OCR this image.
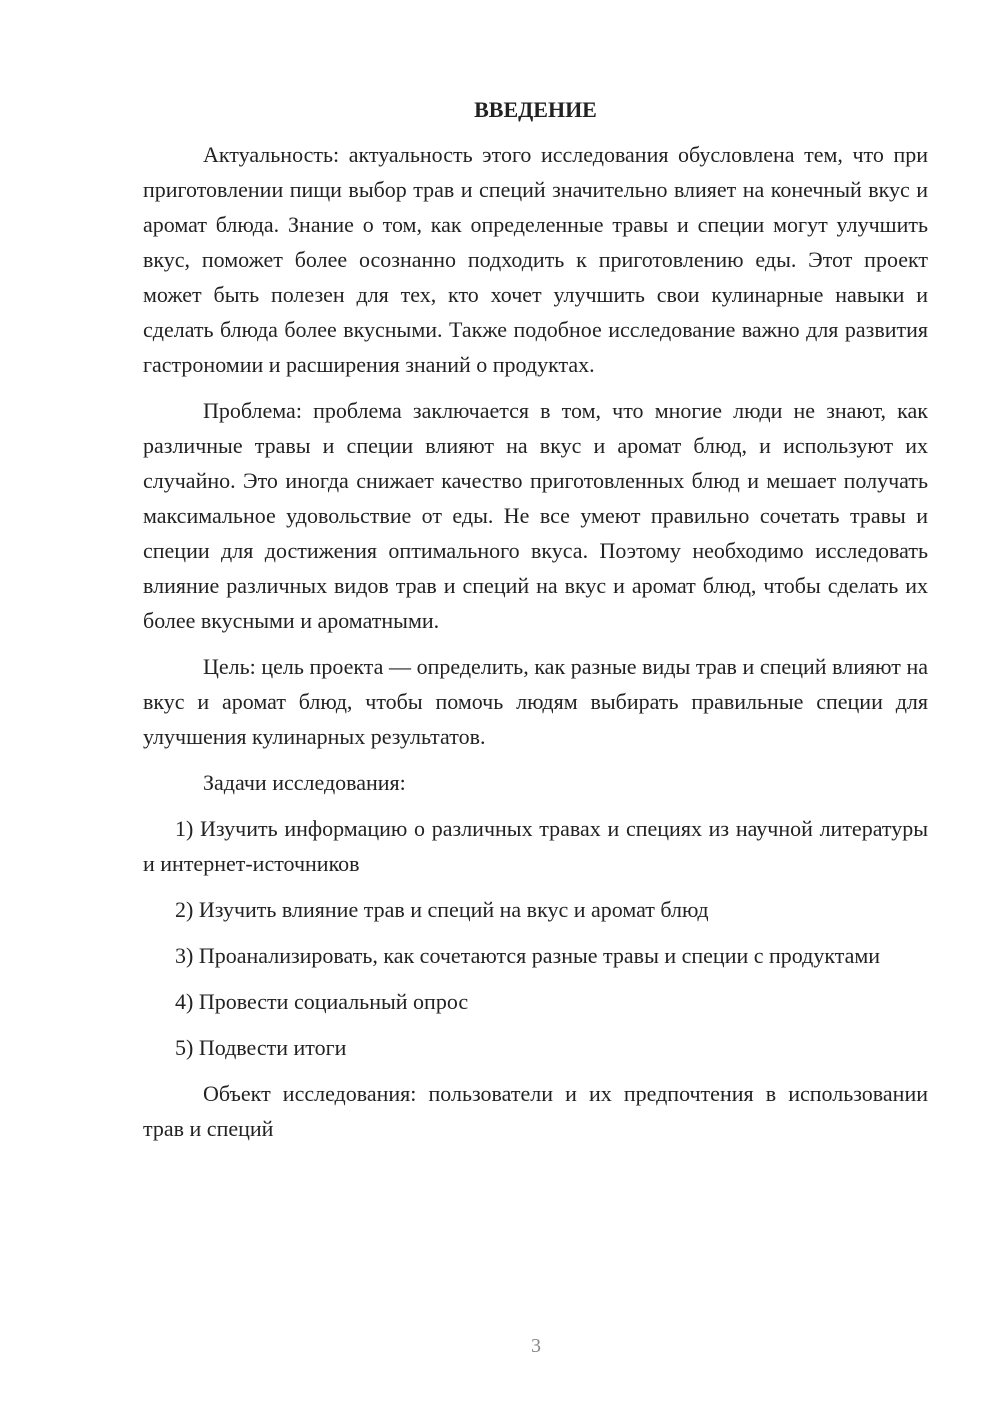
ВВЕДЕНИЕ

Актуальность: актуальность этого исследования обусловлена тем, что при приготовлении пищи выбор трав и специй значительно влияет на конечный вкус и аромат блюда. Знание о том, как определенные травы и специи могут улучшить вкус, поможет более осознанно подходить к приготовлению еды. Этот проект может быть полезен для тех, кто хочет улучшить свои кулинарные навыки и сделать блюда более вкусными. Также подобное исследование важно для развития гастрономии и расширения знаний о продуктах.

Проблема: проблема заключается в том, что многие люди не знают, как различные травы и специи влияют на вкус и аромат блюд, и используют их случайно. Это иногда снижает качество приготовленных блюд и мешает получать максимальное удовольствие от еды. Не все умеют правильно сочетать травы и специи для достижения оптимального вкуса. Поэтому необходимо исследовать влияние различных видов трав и специй на вкус и аромат блюд, чтобы сделать их более вкусными и ароматными.

Цель: цель проекта — определить, как разные виды трав и специй влияют на вкус и аромат блюд, чтобы помочь людям выбирать правильные специи для улучшения кулинарных результатов.

Задачи исследования:

1) Изучить информацию о различных травах и специях из научной литературы и интернет-источников

2) Изучить влияние трав и специй на вкус и аромат блюд

3) Проанализировать, как сочетаются разные травы и специи с продуктами

4) Провести социальный опрос

5) Подвести итоги

Объект исследования: пользователи и их предпочтения в использовании трав и специй

3
